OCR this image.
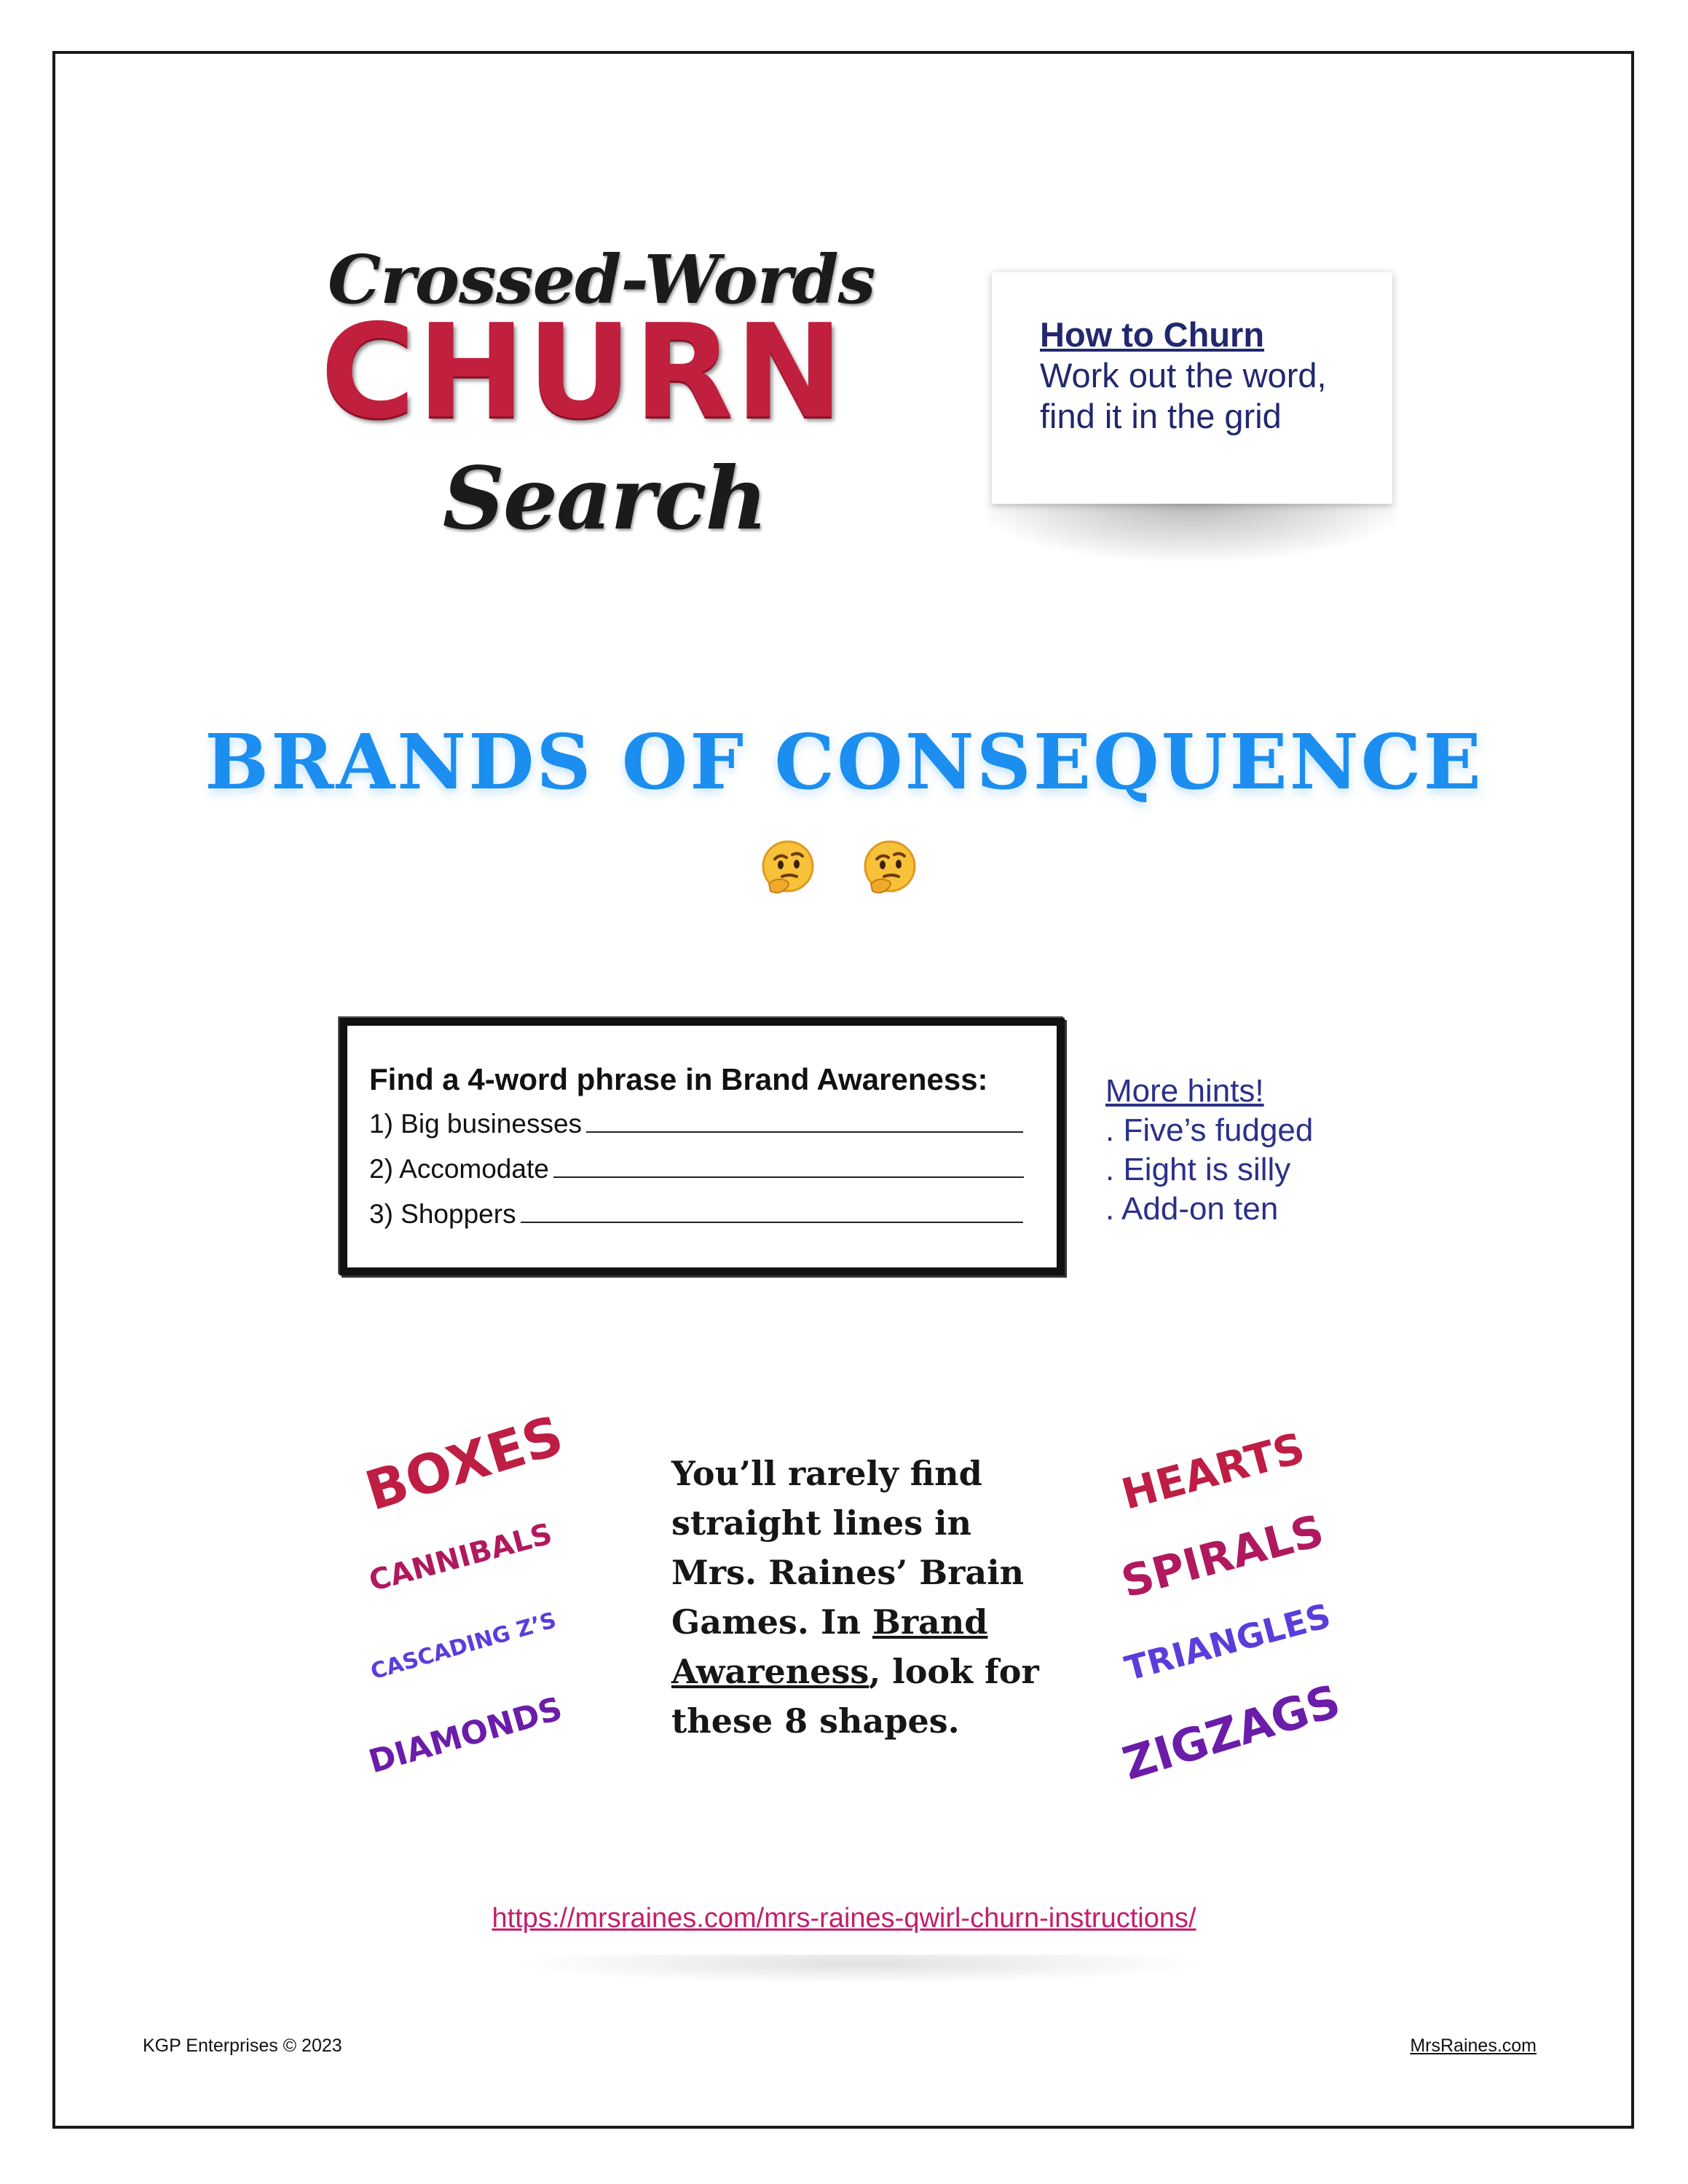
Crossed-Words
CHURN
Search
How to Churn
Work out the word, find it in the grid
BRANDS OF CONSEQUENCE
Find a 4-word phrase in Brand Awareness:
1) Big businesses
2) Accomodate
3) Shoppers
More hints!
. Five’s fudged
. Eight is silly
. Add-on ten
BOXES
CANNIBALS
CASCADING Z’S
DIAMONDS
HEARTS
SPIRALS
TRIANGLES
ZIGZAGS
You’ll rarely find straight lines in Mrs. Raines’ Brain Games. In Brand Awareness, look for these 8 shapes.
https://mrsraines.com/mrs-raines-qwirl-churn-instructions/
KGP Enterprises © 2023	MrsRaines.com
